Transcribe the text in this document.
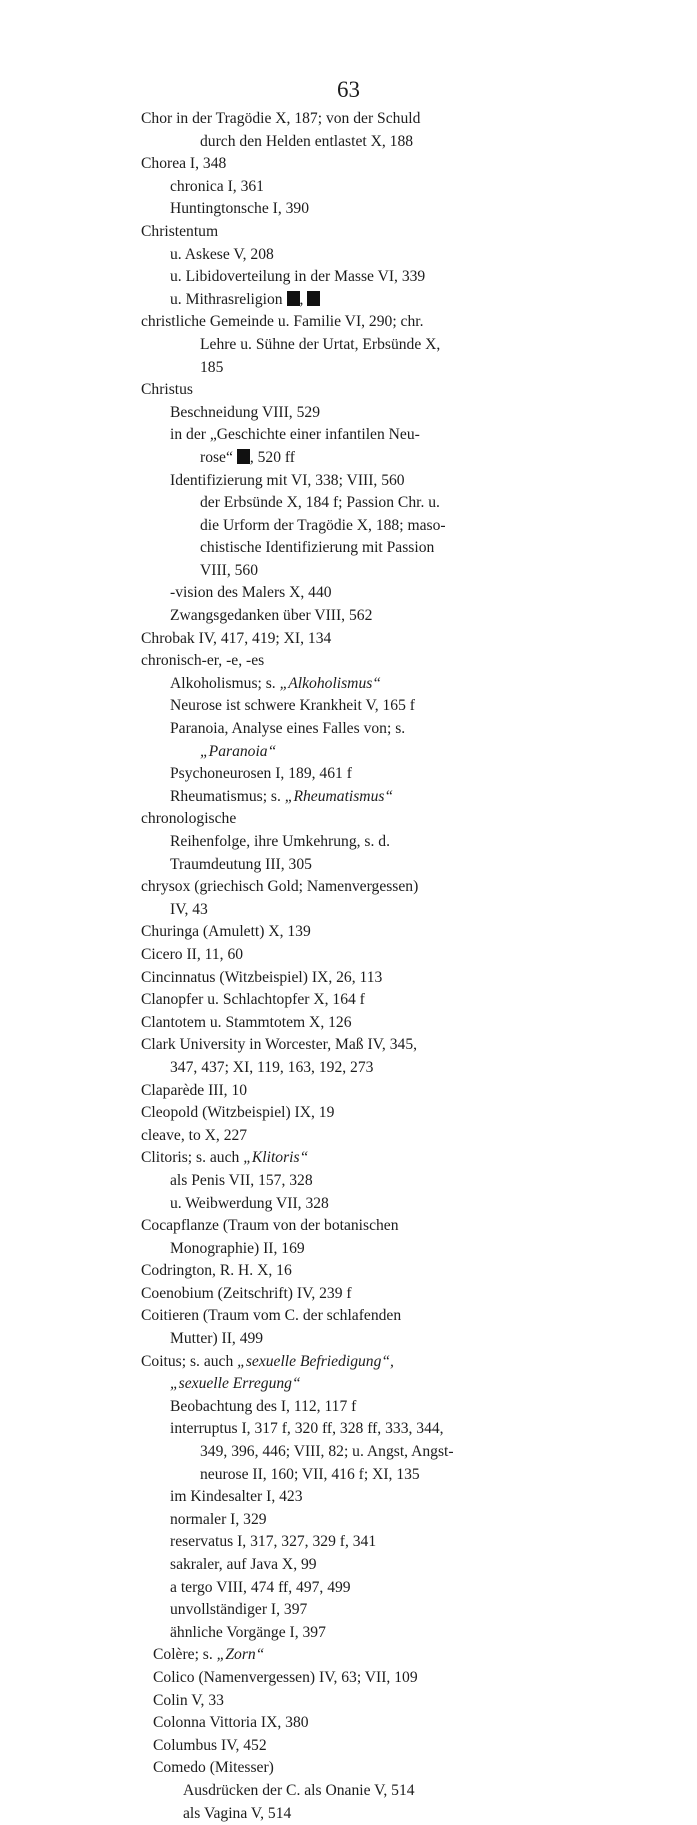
63
Chor in der Tragödie X, 187; von der Schuld
durch den Helden entlastet X, 188
Chorea I, 348
chronica I, 361
Huntingtonsche I, 390
Christentum
u. Askese V, 208
u. Libidoverteilung in der Masse VI, 339
u. Mithrasreligion ,
christliche Gemeinde u. Familie VI, 290; chr.
Lehre u. Sühne der Urtat, Erbsünde X,
185
Christus
Beschneidung VIII, 529
in der „Geschichte einer infantilen Neu-
rose“ , 520 ff
Identifizierung mit VI, 338; VIII, 560
der Erbsünde X, 184 f; Passion Chr. u.
die Urform der Tragödie X, 188; maso-
chistische Identifizierung mit Passion
VIII, 560
-vision des Malers X, 440
Zwangsgedanken über VIII, 562
Chrobak IV, 417, 419; XI, 134
chronisch-er, -e, -es
Alkoholismus; s. „Alkoholismus“
Neurose ist schwere Krankheit V, 165 f
Paranoia, Analyse eines Falles von; s.
„Paranoia“
Psychoneurosen I, 189, 461 f
Rheumatismus; s. „Rheumatismus“
chronologische
Reihenfolge, ihre Umkehrung, s. d.
Traumdeutung III, 305
chrysox (griechisch Gold; Namenvergessen)
IV, 43
Churinga (Amulett) X, 139
Cicero II, 11, 60
Cincinnatus (Witzbeispiel) IX, 26, 113
Clanopfer u. Schlachtopfer X, 164 f
Clantotem u. Stammtotem X, 126
Clark University in Worcester, Maß IV, 345,
347, 437; XI, 119, 163, 192, 273
Claparède III, 10
Cleopold (Witzbeispiel) IX, 19
cleave, to X, 227
Clitoris; s. auch „Klitoris“
als Penis VII, 157, 328
u. Weibwerdung VII, 328
Cocapflanze (Traum von der botanischen
Monographie) II, 169
Codrington, R. H. X, 16
Coenobium (Zeitschrift) IV, 239 f
Coitieren (Traum vom C. der schlafenden
Mutter) II, 499
Coitus; s. auch „sexuelle Befriedigung“,
„sexuelle Erregung“
Beobachtung des I, 112, 117 f
interruptus I, 317 f, 320 ff, 328 ff, 333, 344,
349, 396, 446; VIII, 82; u. Angst, Angst-
neurose II, 160; VII, 416 f; XI, 135
im Kindesalter I, 423
normaler I, 329
reservatus I, 317, 327, 329 f, 341
sakraler, auf Java X, 99
a tergo VIII, 474 ff, 497, 499
unvollständiger I, 397
ähnliche Vorgänge I, 397
Colère; s. „Zorn“
Colico (Namenvergessen) IV, 63; VII, 109
Colin V, 33
Colonna Vittoria IX, 380
Columbus IV, 452
Comedo (Mitesser)
Ausdrücken der C. als Onanie V, 514
als Vagina V, 514
